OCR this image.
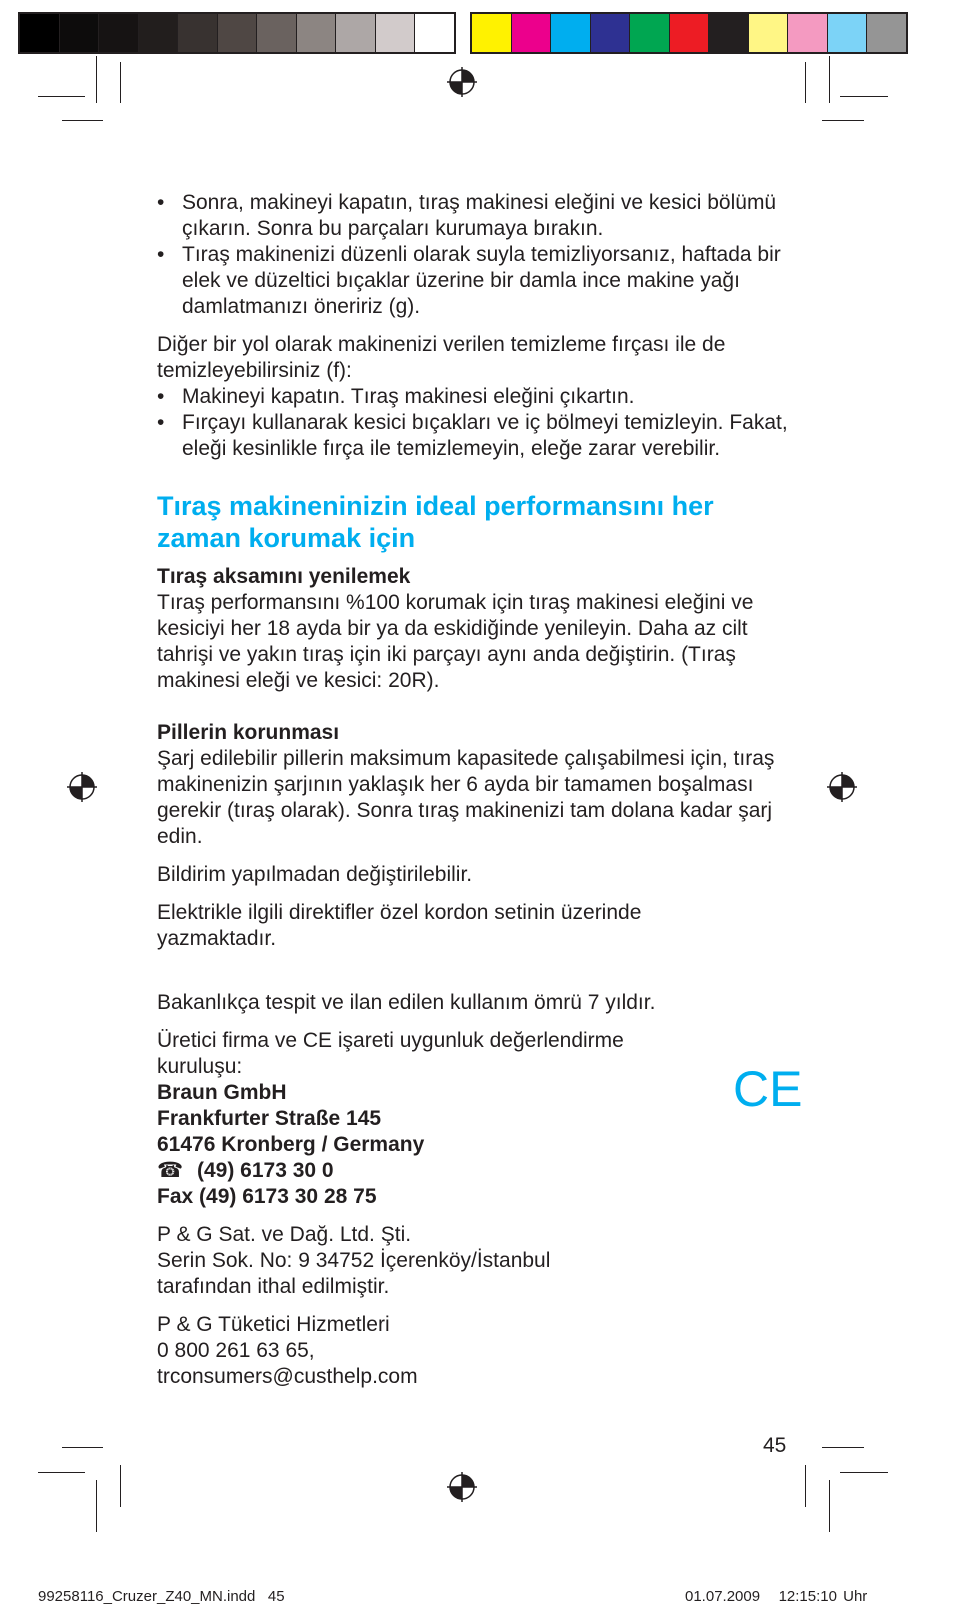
• Sonra, makineyi kapatın, tıraş makinesi eleğini ve kesici bölümü çıkarın. Sonra bu parçaları kurumaya bırakın.
• Tıraş makinenizi düzenli olarak suyla temizliyorsanız, haftada bir elek ve düzeltici bıçaklar üzerine bir damla ince makine yağı damlatmanızı öneririz (g).

Diğer bir yol olarak makinenizi verilen temizleme fırçası ile de temizleyebilirsiniz (f):

• Makineyi kapatın. Tıraş makinesi eleğini çıkartın.
• Fırçayı kullanarak kesici bıçakları ve iç bölmeyi temizleyin. Fakat, eleği kesinlikle fırça ile temizlemeyin, eleğe zarar verebilir.
Tıraş makineninizin ideal performansını her zaman korumak için

Tıraş aksamını yenilemek

Tıraş performansını %100 korumak için tıraş makinesi eleğini ve kesiciyi her 18 ayda bir ya da eskidiğinde yenileyin. Daha az cilt tahrişi ve yakın tıraş için iki parçayı aynı anda değiştirin. (Tıraş makinesi eleği ve kesici: 20R).

Pillerin korunması

Şarj edilebilir pillerin maksimum kapasitede çalışabilmesi için, tıraş makinenizin şarjının yaklaşık her 6 ayda bir tamamen boşalması gerekir (tıraş olarak). Sonra tıraş makinenizi tam dolana kadar şarj edin.

Bildirim yapılmadan değiştirilebilir.

Elektrikle ilgili direktifler özel kordon setinin üzerinde yazmaktadır.

Bakanlıkça tespit ve ilan edilen kullanım ömrü 7 yıldır.

Üretici firma ve CE işareti uygunluk değerlendirme kuruluşu:

Braun GmbH

Frankfurter Straße 145

61476 Kronberg / Germany

☎ (49) 6173 30 0

Fax (49) 6173 30 28 75

P & G Sat. ve Dağ. Ltd. Şti.

Serin Sok. No: 9 34752 İçerenköy/İstanbul

tarafından ithal edilmiştir.

P & G Tüketici Hizmetleri

0 800 261 63 65,

trconsumers@custhelp.com

CE
45
99258116_Cruzer_Z40_MN.indd   45	01.07.2009   12:15:10 Uhr
